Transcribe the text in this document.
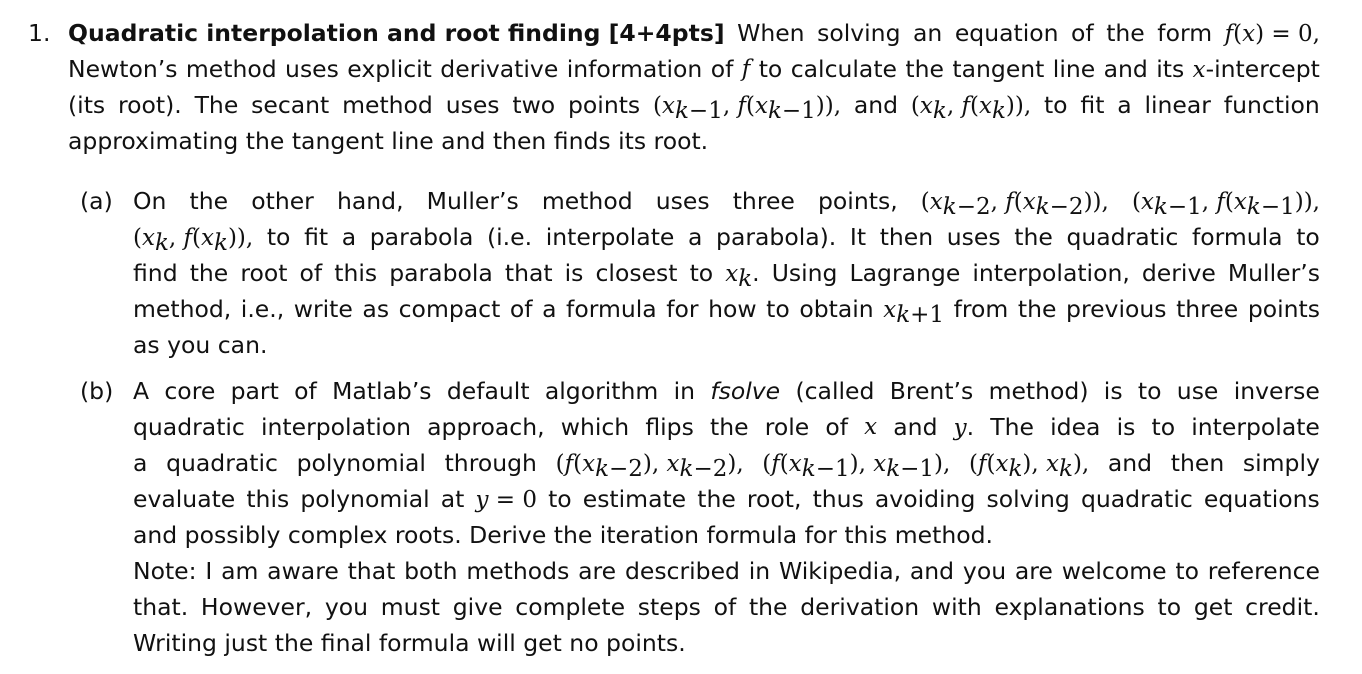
1. Quadratic interpolation and root finding [4+4pts] When solving an equation of the form f(x) = 0,
Newton’s method uses explicit derivative information of f to calculate the tangent line and its x-intercept
(its root). The secant method uses two points ($x_{k-1}$, $f(x_{k-1})$), and ($x_k$, $f(x_k)$), to fit a linear function
approximating the tangent line and then finds its root.
(a) On the other hand, Muller’s method uses three points, ($x_{k-2}$, $f(x_{k-2})$), ($x_{k-1}$, $f(x_{k-1})$),
($x_k$, $f(x_k)$), to fit a parabola (i.e. interpolate a parabola). It then uses the quadratic formula to
find the root of this parabola that is closest to $x_k$. Using Lagrange interpolation, derive Muller’s
method, i.e., write as compact of a formula for how to obtain $x_{k+1}$ from the previous three points
as you can.
(b) A core part of Matlab’s default algorithm in fsolve (called Brent’s method) is to use inverse
quadratic interpolation approach, which flips the role of x and y. The idea is to interpolate
a quadratic polynomial through ($f(x_{k-2})$, $x_{k-2}$), ($f(x_{k-1})$, $x_{k-1}$), ($f(x_k)$, $x_k$), and then simply
evaluate this polynomial at y = 0 to estimate the root, thus avoiding solving quadratic equations
and possibly complex roots. Derive the iteration formula for this method.
Note: I am aware that both methods are described in Wikipedia, and you are welcome to reference
that. However, you must give complete steps of the derivation with explanations to get credit.
Writing just the final formula will get no points.
